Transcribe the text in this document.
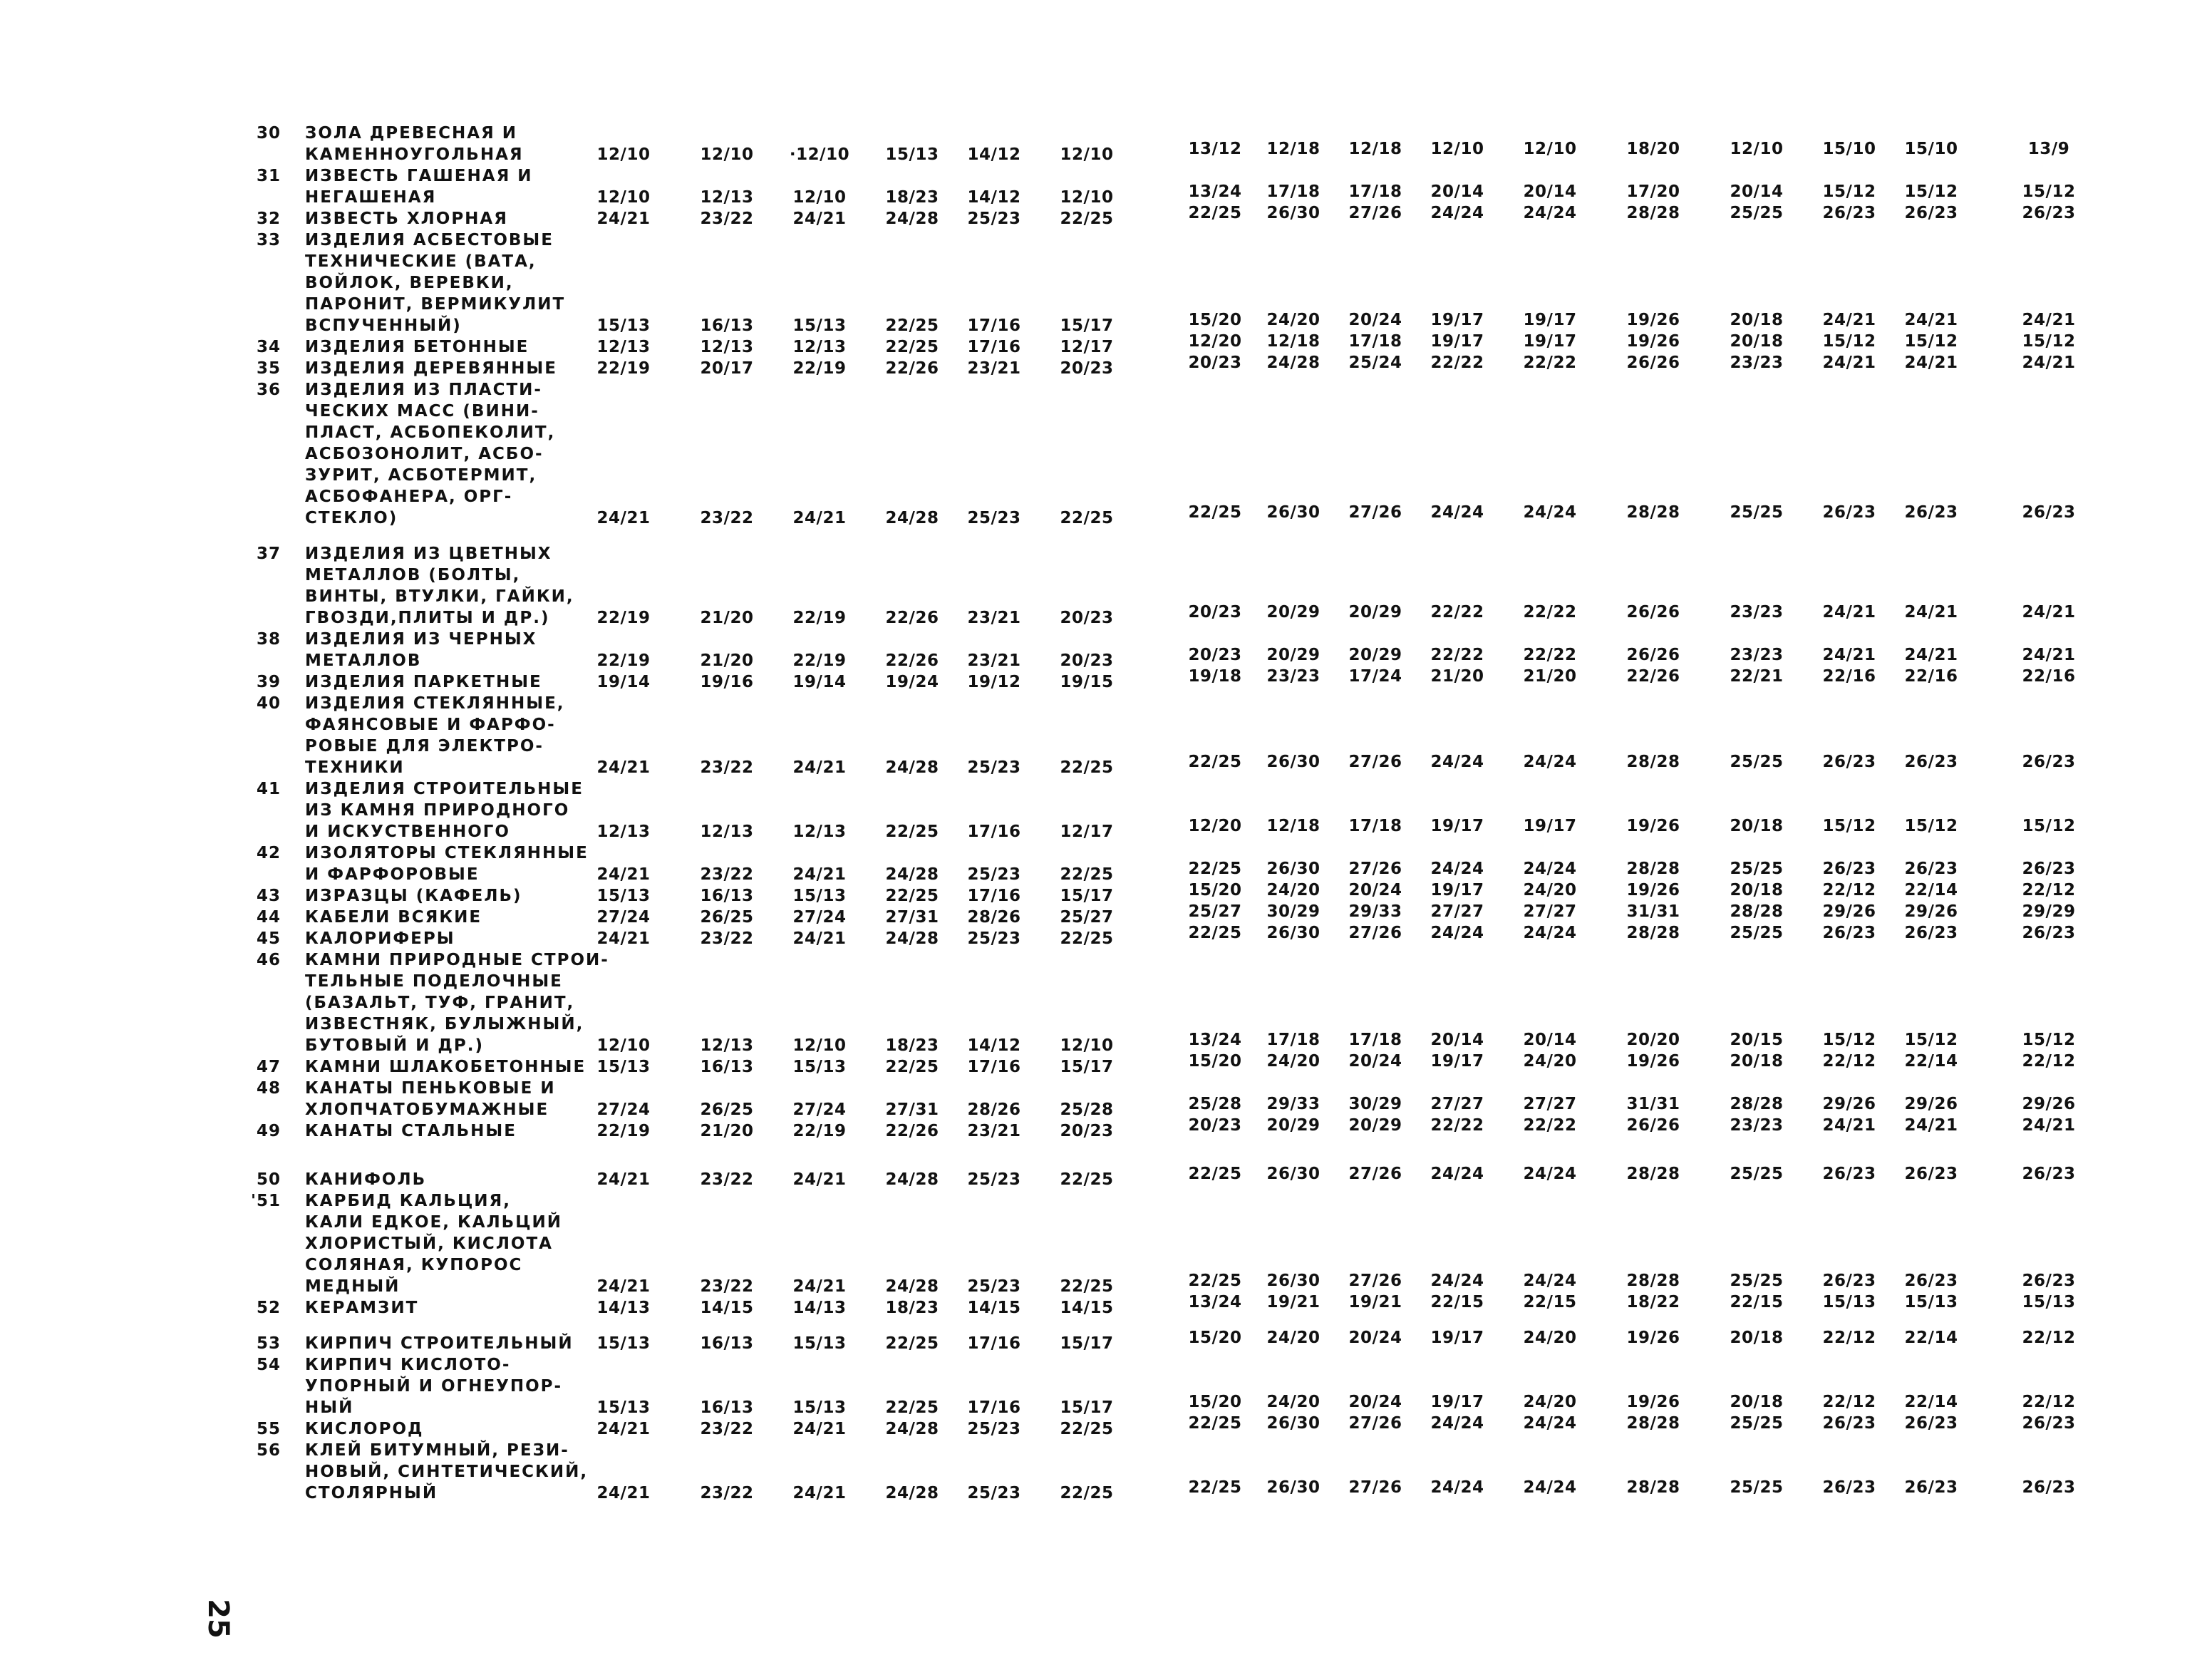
30 ЗОЛА ДРЕВЕСНАЯ И
КАМЕННОУГОЛЬНАЯ	12/10	12/10	·12/10	15/13	14/12	12/10	13/12	12/18	12/18	12/10	12/10	18/20	12/10	15/10	15/10	13/9
31 ИЗВЕСТЬ ГАШЕНАЯ И
НЕГАШЕНАЯ	12/10	12/13	12/10	18/23	14/12	12/10	13/24	17/18	17/18	20/14	20/14	17/20	20/14	15/12	15/12	15/12
32 ИЗВЕСТЬ ХЛОРНАЯ	24/21	23/22	24/21	24/28	25/23	22/25	22/25	26/30	27/26	24/24	24/24	28/28	25/25	26/23	26/23	26/23
33 ИЗДЕЛИЯ АСБЕСТОВЫЕ
ТЕХНИЧЕСКИЕ (ВАТА,
ВОЙЛОК, ВЕРЕВКИ,
ПАРОНИТ, ВЕРМИКУЛИТ
ВСПУЧЕННЫЙ)	15/13	16/13	15/13	22/25	17/16	15/17	15/20	24/20	20/24	19/17	19/17	19/26	20/18	24/21	24/21	24/21
34 ИЗДЕЛИЯ БЕТОННЫЕ	12/13	12/13	12/13	22/25	17/16	12/17	12/20	12/18	17/18	19/17	19/17	19/26	20/18	15/12	15/12	15/12
35 ИЗДЕЛИЯ ДЕРЕВЯННЫЕ	22/19	20/17	22/19	22/26	23/21	20/23	20/23	24/28	25/24	22/22	22/22	26/26	23/23	24/21	24/21	24/21
36 ИЗДЕЛИЯ ИЗ ПЛАСТИ-
ЧЕСКИХ МАСС (ВИНИ-
ПЛАСТ, АСБОПЕКОЛИТ,
АСБОЗОНОЛИТ, АСБО-
ЗУРИТ, АСБОТЕРМИТ,
АСБОФАНЕРА, ОРГ-
СТЕКЛО)	24/21	23/22	24/21	24/28	25/23	22/25	22/25	26/30	27/26	24/24	24/24	28/28	25/25	26/23	26/23	26/23
37 ИЗДЕЛИЯ ИЗ ЦВЕТНЫХ
МЕТАЛЛОВ (БОЛТЫ,
ВИНТЫ, ВТУЛКИ, ГАЙКИ,
ГВОЗДИ,ПЛИТЫ И ДР.)	22/19	21/20	22/19	22/26	23/21	20/23	20/23	20/29	20/29	22/22	22/22	26/26	23/23	24/21	24/21	24/21
38 ИЗДЕЛИЯ ИЗ ЧЕРНЫХ
МЕТАЛЛОВ	22/19	21/20	22/19	22/26	23/21	20/23	20/23	20/29	20/29	22/22	22/22	26/26	23/23	24/21	24/21	24/21
39 ИЗДЕЛИЯ ПАРКЕТНЫЕ	19/14	19/16	19/14	19/24	19/12	19/15	19/18	23/23	17/24	21/20	21/20	22/26	22/21	22/16	22/16	22/16
40 ИЗДЕЛИЯ СТЕКЛЯННЫЕ,
ФАЯНСОВЫЕ И ФАРФО-
РОВЫЕ ДЛЯ ЭЛЕКТРО-
ТЕХНИКИ	24/21	23/22	24/21	24/28	25/23	22/25	22/25	26/30	27/26	24/24	24/24	28/28	25/25	26/23	26/23	26/23
41 ИЗДЕЛИЯ СТРОИТЕЛЬНЫЕ
ИЗ КАМНЯ ПРИРОДНОГО
И ИСКУСТВЕННОГО	12/13	12/13	12/13	22/25	17/16	12/17	12/20	12/18	17/18	19/17	19/17	19/26	20/18	15/12	15/12	15/12
42 ИЗОЛЯТОРЫ СТЕКЛЯННЫЕ
И ФАРФОРОВЫЕ	24/21	23/22	24/21	24/28	25/23	22/25	22/25	26/30	27/26	24/24	24/24	28/28	25/25	26/23	26/23	26/23
43 ИЗРАЗЦЫ (КАФЕЛЬ)	15/13	16/13	15/13	22/25	17/16	15/17	15/20	24/20	20/24	19/17	24/20	19/26	20/18	22/12	22/14	22/12
44 КАБЕЛИ ВСЯКИЕ	27/24	26/25	27/24	27/31	28/26	25/27	25/27	30/29	29/33	27/27	27/27	31/31	28/28	29/26	29/26	29/29
45 КАЛОРИФЕРЫ	24/21	23/22	24/21	24/28	25/23	22/25	22/25	26/30	27/26	24/24	24/24	28/28	25/25	26/23	26/23	26/23
46 КАМНИ ПРИРОДНЫЕ СТРОИ-
ТЕЛЬНЫЕ ПОДЕЛОЧНЫЕ
(БАЗАЛЬТ, ТУФ, ГРАНИТ,
ИЗВЕСТНЯК, БУЛЫЖНЫЙ,
БУТОВЫЙ И ДР.)	12/10	12/13	12/10	18/23	14/12	12/10	13/24	17/18	17/18	20/14	20/14	20/20	20/15	15/12	15/12	15/12
47 КАМНИ ШЛАКОБЕТОННЫЕ 15/13	16/13	15/13	22/25	17/16	15/17	15/20	24/20	20/24	19/17	24/20	19/26	20/18	22/12	22/14	22/12
48 КАНАТЫ ПЕНЬКОВЫЕ И
ХЛОПЧАТОБУМАЖНЫЕ	27/24	26/25	27/24	27/31	28/26	25/28	25/28	29/33	30/29	27/27	27/27	31/31	28/28	29/26	29/26	29/26
49 КАНАТЫ СТАЛЬНЫЕ	22/19	21/20	22/19	22/26	23/21	20/23	20/23	20/29	20/29	22/22	22/22	26/26	23/23	24/21	24/21	24/21
50 КАНИФОЛЬ	24/21	23/22	24/21	24/28	25/23	22/25	22/25	26/30	27/26	24/24	24/24	28/28	25/25	26/23	26/23	26/23
'51 КАРБИД КАЛЬЦИЯ,
КАЛИ ЕДКОЕ, КАЛЬЦИЙ
ХЛОРИСТЫЙ, КИСЛОТА
СОЛЯНАЯ, КУПОРОС
МЕДНЫЙ	24/21	23/22	24/21	24/28	25/23	22/25	22/25	26/30	27/26	24/24	24/24	28/28	25/25	26/23	26/23	26/23
52 КЕРАМЗИТ	14/13	14/15	14/13	18/23	14/15	14/15	13/24	19/21	19/21	22/15	22/15	18/22	22/15	15/13	15/13	15/13
53 КИРПИЧ СТРОИТЕЛЬНЫЙ	15/13	16/13	15/13	22/25	17/16	15/17	15/20	24/20	20/24	19/17	24/20	19/26	20/18	22/12	22/14	22/12
54 КИРПИЧ КИСЛОТО-
УПОРНЫЙ И ОГНЕУПОР-
НЫЙ	15/13	16/13	15/13	22/25	17/16	15/17	15/20	24/20	20/24	19/17	24/20	19/26	20/18	22/12	22/14	22/12
55 КИСЛОРОД	24/21	23/22	24/21	24/28	25/23	22/25	22/25	26/30	27/26	24/24	24/24	28/28	25/25	26/23	26/23	26/23
56 КЛЕЙ БИТУМНЫЙ, РЕЗИ-
НОВЫЙ, СИНТЕТИЧЕСКИЙ,
СТОЛЯРНЫЙ	24/21	23/22	24/21	24/28	25/23	22/25	22/25	26/30	27/26	24/24	24/24	28/28	25/25	26/23	26/23	26/23
25
